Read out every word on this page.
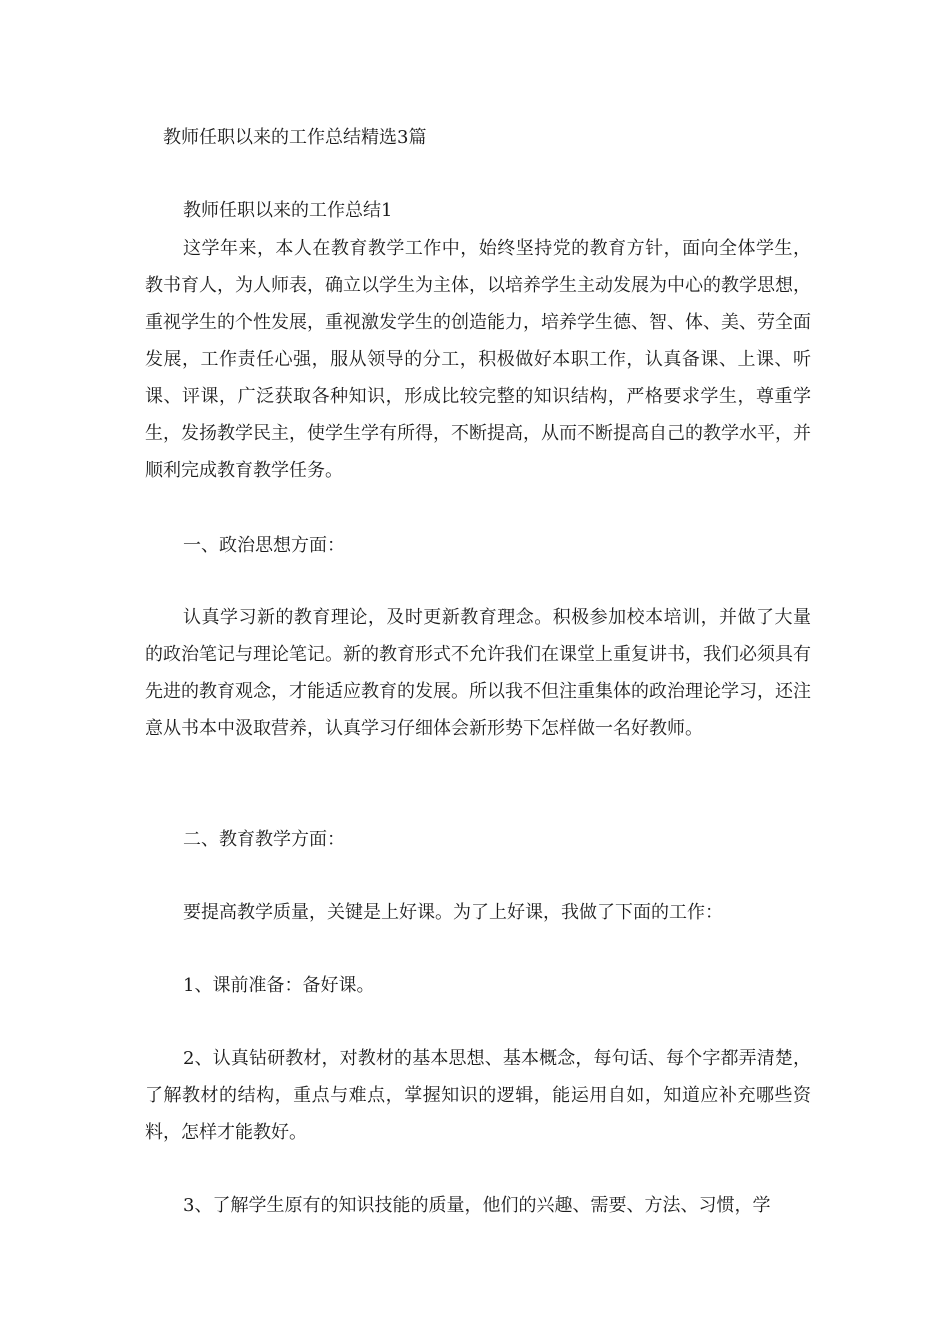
教师任职以来的工作总结精选3篇
教师任职以来的工作总结1

这学年来，本人在教育教学工作中，始终坚持党的教育方针，面向全体学生，教书育人，为人师表，确立以学生为主体，以培养学生主动发展为中心的教学思想，重视学生的个性发展，重视激发学生的创造能力，培养学生德、智、体、美、劳全面发展，工作责任心强，服从领导的分工，积极做好本职工作，认真备课、上课、听课、评课，广泛获取各种知识，形成比较完整的知识结构，严格要求学生，尊重学生，发扬教学民主，使学生学有所得，不断提高，从而不断提高自己的教学水平，并顺利完成教育教学任务。

一、政治思想方面：

认真学习新的教育理论，及时更新教育理念。积极参加校本培训，并做了大量的政治笔记与理论笔记。新的教育形式不允许我们在课堂上重复讲书，我们必须具有先进的教育观念，才能适应教育的发展。所以我不但注重集体的政治理论学习，还注意从书本中汲取营养，认真学习仔细体会新形势下怎样做一名好教师。

二、教育教学方面：
要提高教学质量，关键是上好课。为了上好课，我做了下面的工作：
1、课前准备：备好课。

2、认真钻研教材，对教材的基本思想、基本概念，每句话、每个字都弄清楚，了解教材的结构，重点与难点，掌握知识的逻辑，能运用自如，知道应补充哪些资料，怎样才能教好。

3、了解学生原有的知识技能的质量，他们的兴趣、需要、方法、习惯，学
